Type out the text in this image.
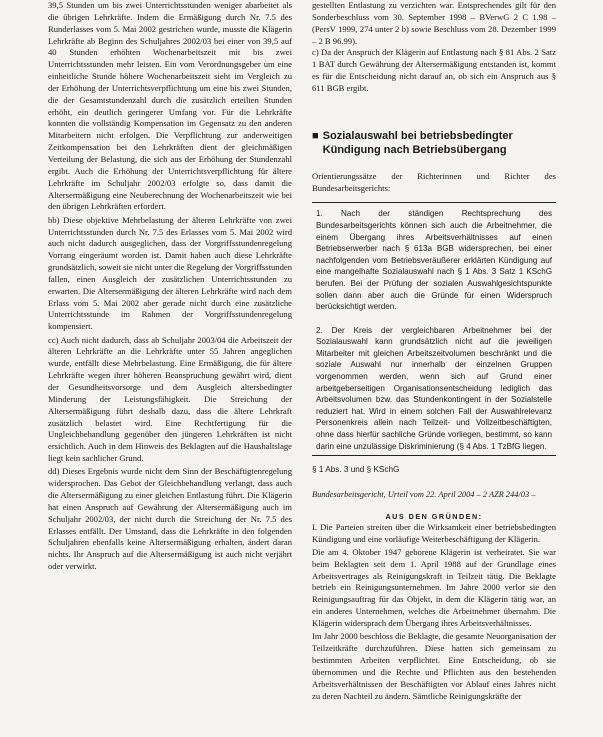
39,5 Stunden um bis zwei Unterrichtsstunden weniger abarbeitet als die übrigen Lehrkräfte. Indem die Ermäßigung durch Nr. 7.5 des Runderlasses vom 5. Mai 2002 gestrichen wurde, musste die Klägerin Lehrkräfte ab Beginn des Schuljahres 2002/03 bei einer von 39,5 auf 40 Stunden erhöhten Wochenarbeitszeit mit bis zwei Unterrichtsstunden mehr leisten. Ein vom Verordnungsgeber um eine einheitliche Stunde höhere Wochenarbeitszeit sieht im Vergleich zu der Erhöhung der Unterrichtsverpflichtung um eine bis zwei Stunden, die der Gesamtstundenzahl durch die zusätzlich erteilten Stunden erhöht, ein deutlich geringerer Umfang vor. Für die Lehrkräfte konnten die vollständig Kompensation im Gegensatz zu den anderen Mitarbeitern nicht erfolgen. Die Verpflichtung zur anderweitigen Zeitkompensation bei den Lehrkräften dient der gleichmäßigen Verteilung der Belastung, die sich aus der Erhöhung der Stundenzahl ergibt. Auch die Erhöhung der Unterrichtsverpflichtung für ältere Lehrkräfte im Schuljahr 2002/03 erfolgte so, dass damit die Altersermäßigung eine Neuberechnung der Wochenarbeitszeit wie bei den übrigen Lehrkräften erfordert.

bb) Diese objektive Mehrbelastung der älteren Lehrkräfte von zwei Unterrichtsstunden durch Nr. 7.5 des Erlasses vom 5. Mai 2002 wird auch nicht dadurch ausgeglichen, dass der Vorgriffsstundenregelung Vorrang eingeräumt worden ist. Damit haben auch diese Lehrkräfte grundsätzlich, soweit sie nicht unter die Regelung der Vorgriffsstunden fallen, einen Ausgleich der zusätzlichen Unterrichtsstunden zu erwarten. Die Altersermäßigung der älteren Lehrkräfte wird nach dem Erlass vom 5. Mai 2002 aber gerade nicht durch eine zusätzliche Unterrichtsstunde im Rahmen der Vorgriffsstundenregelung kompensiert.

cc) Auch nicht dadurch, dass ab Schuljahr 2003/04 die Arbeitszeit der älteren Lehrkräfte an die Lehrkräfte unter 55 Jahren angeglichen wurde, entfällt diese Mehrbelastung. Eine Ermäßigung, die für ältere Lehrkräfte wegen ihrer höheren Beanspruchung gewährt wird, dient der Gesundheitsvorsorge und dem Ausgleich altersbedingter Minderung der Leistungsfähigkeit. Die Streichung der Altersermäßigung führt deshalb dazu, dass die ältere Lehrkraft zusätzlich belastet wird. Eine Rechtfertigung für die Ungleichbehandlung gegenüber den jüngeren Lehrkräften ist nicht ersichtlich. Auch in dem Hinweis des Beklagten auf die Haushaltslage liegt kein sachlicher Grund.

dd) Dieses Ergebnis wurde nicht dem Sinn der Beschäftigtenregelung widersprochen. Das Gebot der Gleichbehandlung verlangt, dass auch die Altersermäßigung zu einer gleichen Entlastung führt. Die Klägerin hat einen Anspruch auf Gewährung der Altersermäßigung auch im Schuljahr 2002/03, der nicht durch die Streichung der Nr. 7.5 des Erlasses entfällt. Der Umstand, dass die Lehrkräfte in den folgenden Schuljahren ebenfalls keine Altersermäßigung erhalten, ändert daran nichts. Ihr Anspruch auf die Altersermäßigung ist auch nicht verjährt oder verwirkt.

gestellten Entlastung zu verzichten war. Entsprechendes gilt für den Sonderbeschluss vom 30. September 1998 – BVerwG 2 C 1.98 – (PersV 1999, 274 unter 2 b) sowie Beschluss vom 28. Dezember 1999 – 2 B 96.99).

c) Da der Anspruch der Klägerin auf Entlastung nach § 81 Abs. 2 Satz 1 BAT durch Gewährung der Altersermäßigung entstanden ist, kommt es für die Entscheidung nicht darauf an, ob sich ein Anspruch aus § 611 BGB ergibt.

■ Sozialauswahl bei betriebsbedingter Kündigung nach Betriebsübergang

Orientierungssätze der Richterinnen und Richter des Bundesarbeitsgerichts:

1. Nach der ständigen Rechtsprechung des Bundesarbeitsgerichts können sich auch die Arbeitnehmer, die einem Übergang ihres Arbeitsverhältnisses auf einen Betriebserwerber nach § 613a BGB widersprechen, bei einer nachfolgenden vom Betriebsveräußerer erklärten Kündigung auf eine mangelhafte Sozialauswahl nach § 1 Abs. 3 Satz 1 KSchG berufen. Bei der Prüfung der sozialen Auswahlgesichtspunkte sollen dann aber auch die Gründe für einen Widerspruch berücksichtigt werden.

2. Der Kreis der vergleichbaren Arbeitnehmer bei der Sozialauswahl kann grundsätzlich nicht auf die jeweiligen Mitarbeiter mit gleichen Arbeitszeitvolumen beschränkt und die soziale Auswahl nur innerhalb der einzelnen Gruppen vorgenommen werden, wenn sich auf Grund einer arbeitgeberseitigen Organisationsentscheidung lediglich das Arbeitsvolumen bzw. das Stundenkontingent in der Sozialstelle reduziert hat. Wird in einem solchen Fall der Auswahlrelevanz Personenkreis allein nach Teilzeit- und Vollzeitbeschäftigten, ohne dass hierfür sachliche Gründe vorliegen, bestimmt, so kann darin eine unzulässige Diskriminierung (§ 4 Abs. 1 TzBfG liegen.

§ 1 Abs. 3 und § KSchG

Bundesarbeitsgericht, Urteil vom 22. April 2004 – 2 AZR 244/03 –

AUS DEN GRÜNDEN:

I. Die Parteien streiten über die Wirksamkeit einer betriebsbedingten Kündigung und eine vorläufige Weiterbeschäftigung der Klägerin.

Die am 4. Oktober 1947 geborene Klägerin ist verheiratet. Sie war beim Beklagten seit dem 1. April 1988 auf der Grundlage eines Arbeitsvertrages als Reinigungskraft in Teilzeit tätig. Die Beklagte betrieb ein Reinigungsunternehmen. Im Jahre 2000 verlor sie den Reinigungsauftrag für das Objekt, in dem die Klägerin tätig war, an ein anderes Unternehmen, welches die Arbeitnehmer übernahm. Die Klägerin widersprach dem Übergang ihres Arbeitsverhältnisses.

Im Jahr 2000 beschloss die Beklagte, die gesamte Neuorganisation der Teilzeitkräfte durchzuführen. Diese hatten sich gemeinsam zu bestimmten Arbeiten verpflichtet. Eine Entscheidung, ob sie übernommen und die Rechte und Pflichten aus den bestehenden Arbeitsverhältnissen der Beschäftigten vor Ablauf eines Jahres nicht zu deren Nachteil zu ändern. Sämtliche Reinigungskräfte der
